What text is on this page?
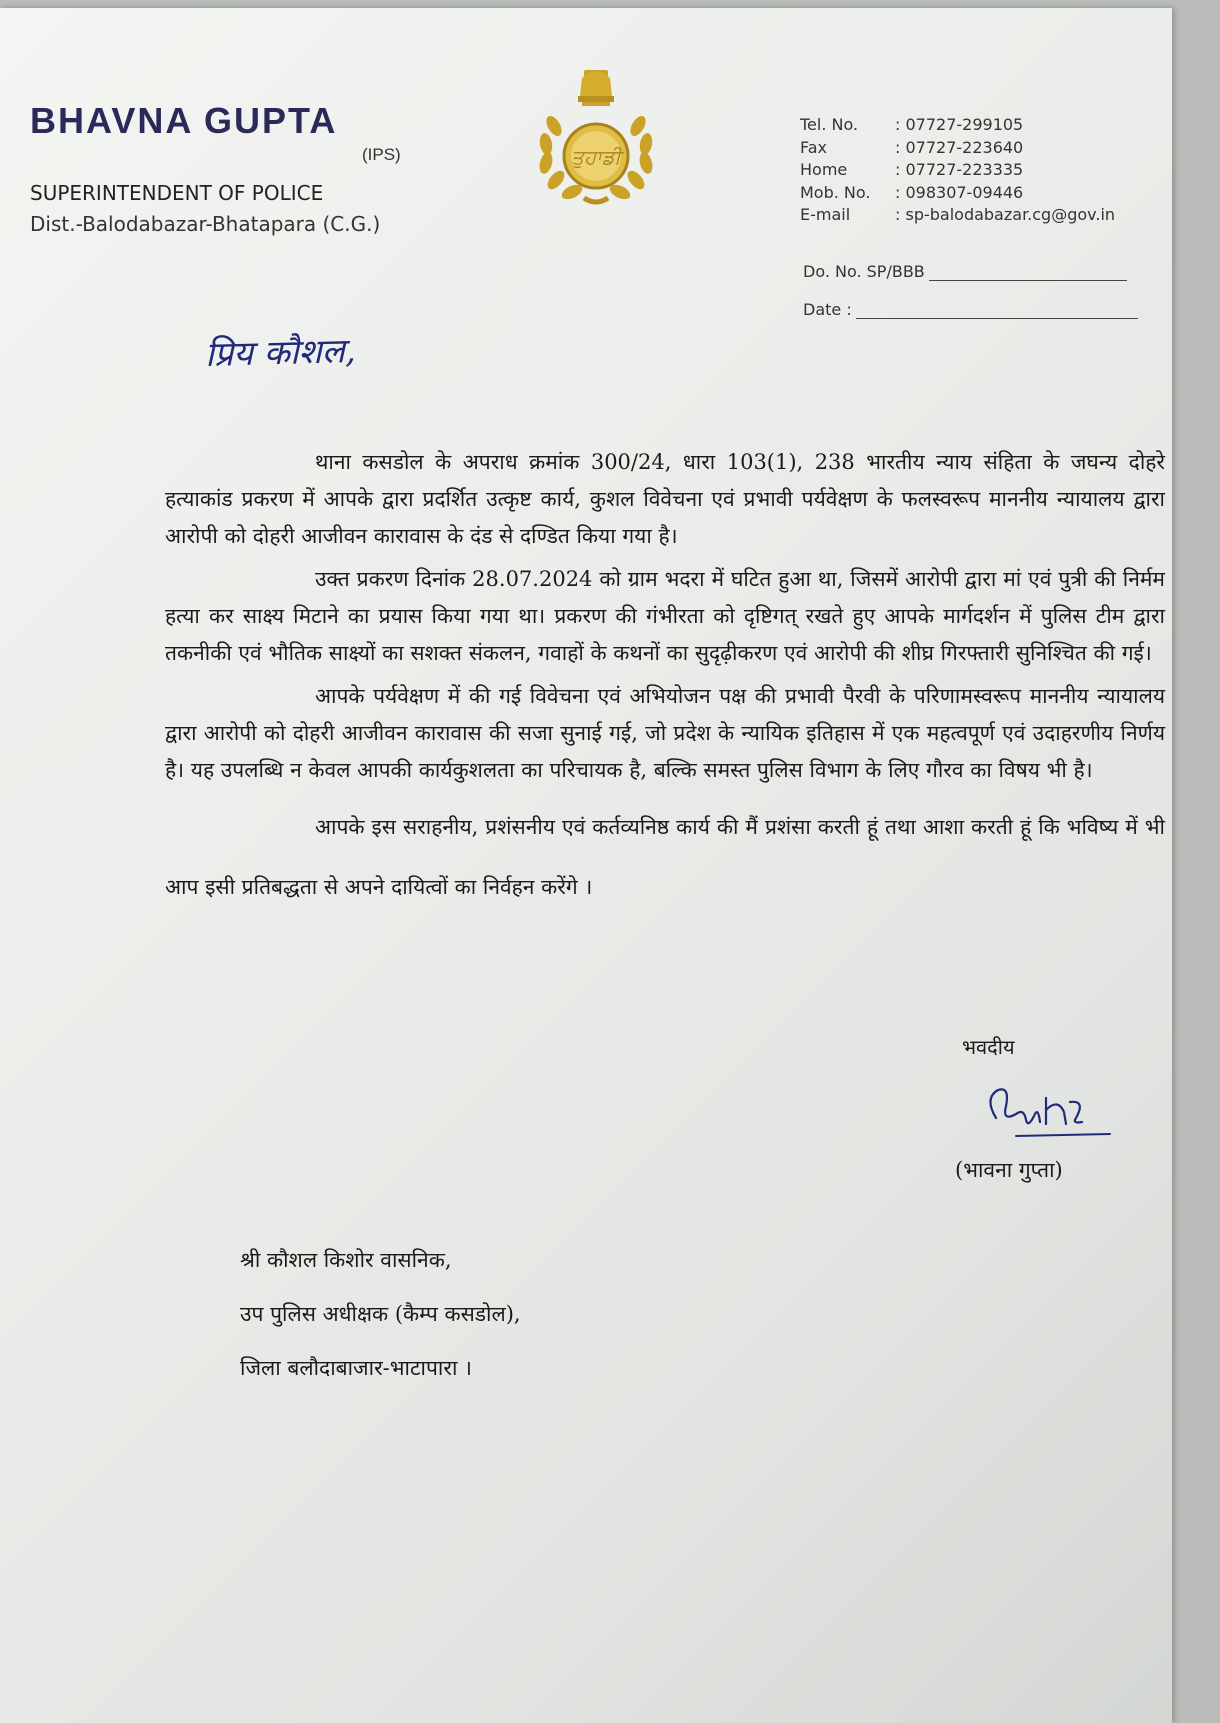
BHAVNA GUPTA
(IPS)
SUPERINTENDENT OF POLICE
Dist.-Balodabazar-Bhatapara (C.G.)
ਤੁਹਾਡੀ
Tel. No.	: 07727-299105
Fax	: 07727-223640
Home	: 07727-223335
Mob. No.	: 098307-09446
E-mail	: sp-balodabazar.cg@gov.in
Do. No. SP/BBB
Date :
प्रिय कौशल,

थाना कसडोल के अपराध क्रमांक 300/24, धारा 103(1), 238 भारतीय न्याय संहिता के जघन्य दोहरे हत्याकांड प्रकरण में आपके द्वारा प्रदर्शित उत्कृष्ट कार्य, कुशल विवेचना एवं प्रभावी पर्यवेक्षण के फलस्वरूप माननीय न्यायालय द्वारा आरोपी को दोहरी आजीवन कारावास के दंड से दण्डित किया गया है।

उक्त प्रकरण दिनांक 28.07.2024 को ग्राम भदरा में घटित हुआ था, जिसमें आरोपी द्वारा मां एवं पुत्री की निर्मम हत्या कर साक्ष्य मिटाने का प्रयास किया गया था। प्रकरण की गंभीरता को दृष्टिगत् रखते हुए आपके मार्गदर्शन में पुलिस टीम द्वारा तकनीकी एवं भौतिक साक्ष्यों का सशक्त संकलन, गवाहों के कथनों का सुदृढ़ीकरण एवं आरोपी की शीघ्र गिरफ्तारी सुनिश्चित की गई।

आपके पर्यवेक्षण में की गई विवेचना एवं अभियोजन पक्ष की प्रभावी पैरवी के परिणामस्वरूप माननीय न्यायालय द्वारा आरोपी को दोहरी आजीवन कारावास की सजा सुनाई गई, जो प्रदेश के न्यायिक इतिहास में एक महत्वपूर्ण एवं उदाहरणीय निर्णय है। यह उपलब्धि न केवल आपकी कार्यकुशलता का परिचायक है, बल्कि समस्त पुलिस विभाग के लिए गौरव का विषय भी है।

आपके इस सराहनीय, प्रशंसनीय एवं कर्तव्यनिष्ठ कार्य की मैं प्रशंसा करती हूं तथा आशा करती हूं कि भविष्य में भी आप इसी प्रतिबद्धता से अपने दायित्वों का निर्वहन करेंगे ।

भवदीय
(भावना गुप्ता)
श्री कौशल किशोर वासनिक,
उप पुलिस अधीक्षक (कैम्प कसडोल),
जिला बलौदाबाजार-भाटापारा ।
